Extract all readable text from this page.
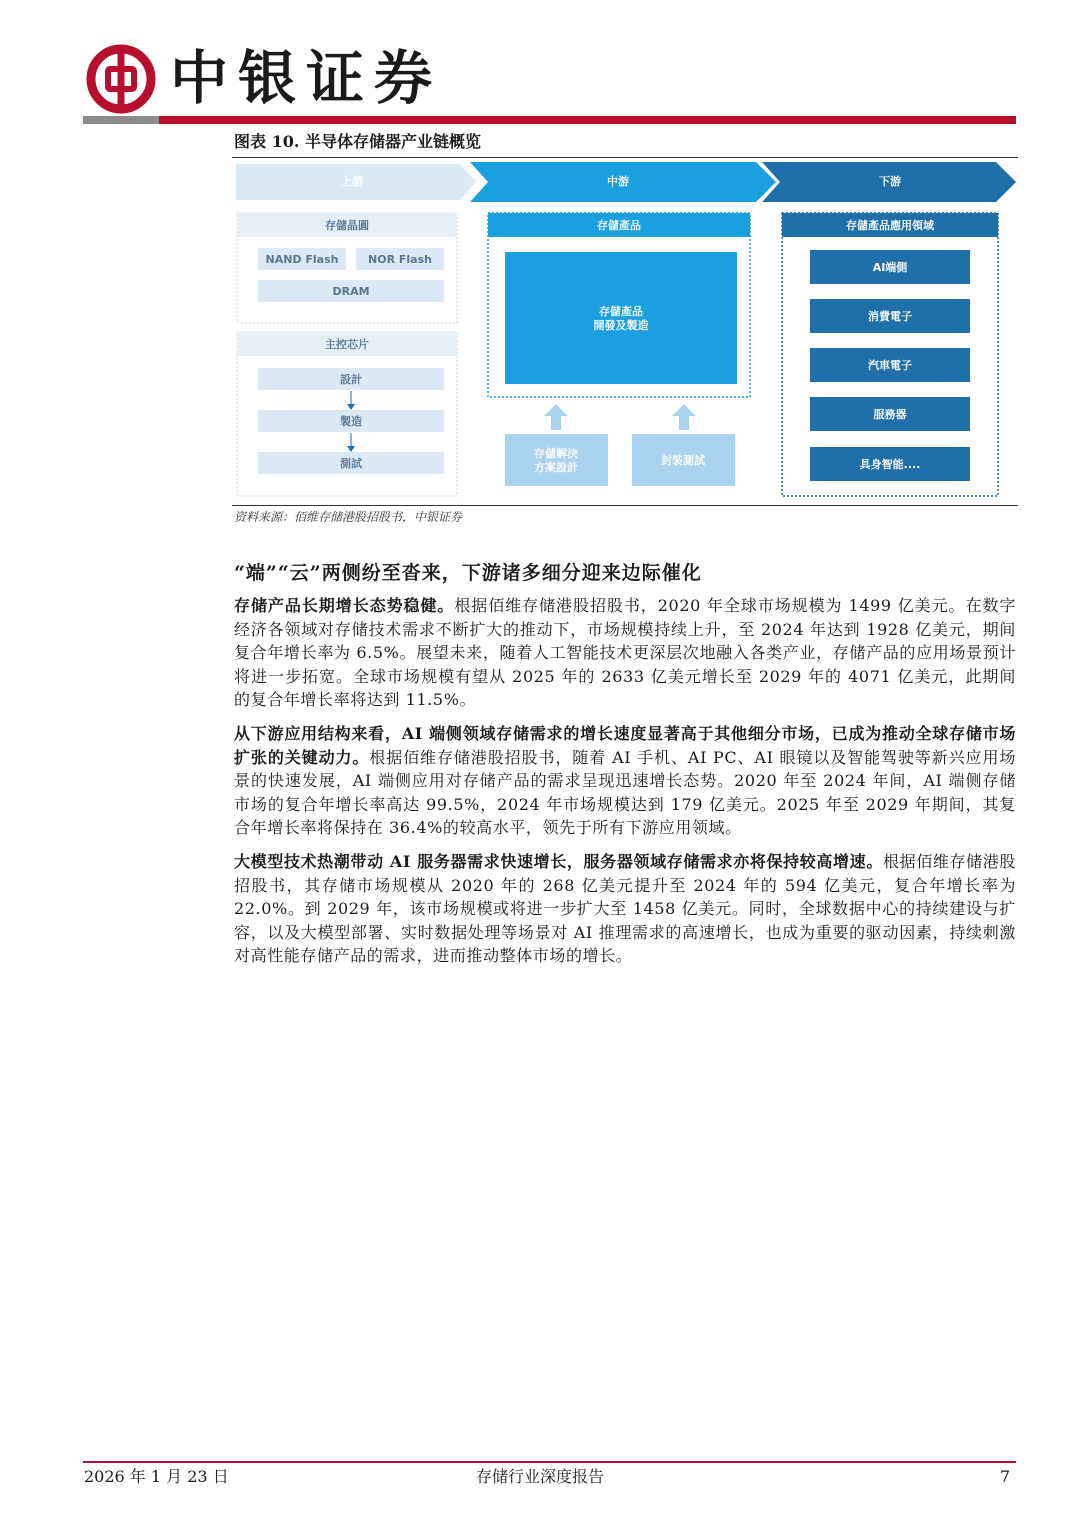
中银证券
图表 10. 半导体存储器产业链概览
上游	中游	下游
存儲晶圓
NAND Flash	NOR Flash
DRAM
主控芯片
設計
製造
測試
存儲產品
存儲產品
開發及製造
存儲解決
方案設計
封裝測試
存儲產品應用領域
AI端側
消費電子
汽車電子
服務器
具身智能....
资料来源：佰维存储港股招股书，中银证券
“端”“云”两侧纷至沓来，下游诸多细分迎来边际催化

存储产品长期增长态势稳健。根据佰维存储港股招股书，2020 年全球市场规模为 1499 亿美元。在数字经济各领域对存储技术需求不断扩大的推动下，市场规模持续上升，至 2024 年达到 1928 亿美元，期间复合年增长率为 6.5%。展望未来，随着人工智能技术更深层次地融入各类产业，存储产品的应用场景预计将进一步拓宽。全球市场规模有望从 2025 年的 2633 亿美元增长至 2029 年的 4071 亿美元，此期间的复合年增长率将达到 11.5%。

从下游应用结构来看，AI 端侧领域存储需求的增长速度显著高于其他细分市场，已成为推动全球存储市场扩张的关键动力。根据佰维存储港股招股书，随着 AI 手机、AI PC、AI 眼镜以及智能驾驶等新兴应用场景的快速发展，AI 端侧应用对存储产品的需求呈现迅速增长态势。2020 年至 2024 年间，AI 端侧存储市场的复合年增长率高达 99.5%，2024 年市场规模达到 179 亿美元。2025 年至 2029 年期间，其复合年增长率将保持在 36.4%的较高水平，领先于所有下游应用领域。

大模型技术热潮带动 AI 服务器需求快速增长，服务器领域存储需求亦将保持较高增速。根据佰维存储港股招股书，其存储市场规模从 2020 年的 268 亿美元提升至 2024 年的 594 亿美元，复合年增长率为 22.0%。到 2029 年，该市场规模或将进一步扩大至 1458 亿美元。同时，全球数据中心的持续建设与扩容，以及大模型部署、实时数据处理等场景对 AI 推理需求的高速增长，也成为重要的驱动因素，持续刺激对高性能存储产品的需求，进而推动整体市场的增长。

2026 年 1 月 23 日	存储行业深度报告	7
